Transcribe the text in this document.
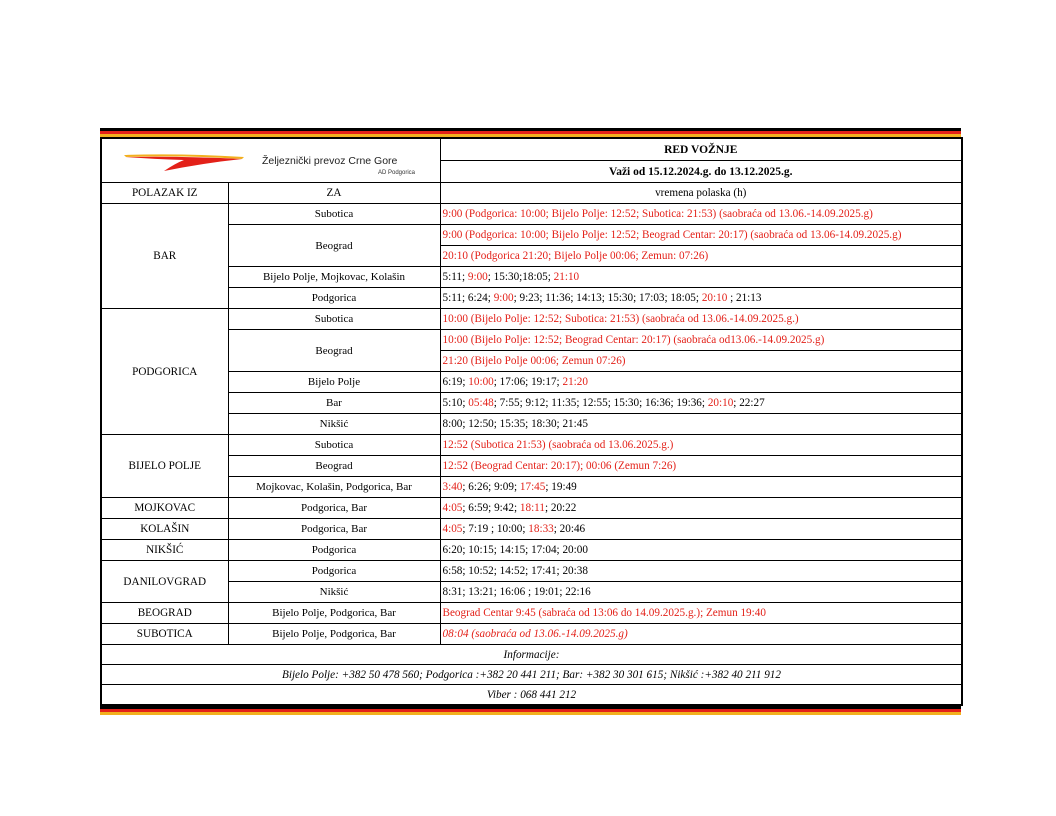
Željeznički prevoz Crne Gore
AD Podgorica		RED VOŽNJE
		Važi od 15.12.2024.g. do 13.12.2025.g.
POLAZAK IZ	ZA	vremena polaska (h)
BAR	Subotica	9:00 (Podgorica: 10:00; Bijelo Polje: 12:52; Subotica: 21:53) (saobraća od 13.06.-14.09.2025.g)
	Beograd	9:00 (Podgorica: 10:00; Bijelo Polje: 12:52; Beograd Centar: 20:17) (saobraća od 13.06-14.09.2025.g)
		20:10 (Podgorica 21:20; Bijelo Polje 00:06; Zemun: 07:26)
	Bijelo Polje, Mojkovac, Kolašin	5:11; 9:00; 15:30;18:05; 21:10
	Podgorica	5:11; 6:24; 9:00; 9:23; 11:36; 14:13; 15:30; 17:03; 18:05; 20:10 ; 21:13
PODGORICA	Subotica	10:00 (Bijelo Polje: 12:52; Subotica: 21:53) (saobraća od 13.06.-14.09.2025.g.)
	Beograd	10:00 (Bijelo Polje: 12:52; Beograd Centar: 20:17) (saobraća od13.06.-14.09.2025.g)
		21:20 (Bijelo Polje 00:06; Zemun 07:26)
	Bijelo Polje	6:19; 10:00; 17:06; 19:17; 21:20
	Bar	5:10; 05:48; 7:55; 9:12; 11:35; 12:55; 15:30; 16:36; 19:36; 20:10; 22:27
	Nikšić	8:00; 12:50; 15:35; 18:30; 21:45
BIJELO POLJE	Subotica	12:52 (Subotica 21:53) (saobraća od 13.06.2025.g.)
	Beograd	12:52 (Beograd Centar: 20:17); 00:06 (Zemun 7:26)
	Mojkovac, Kolašin, Podgorica, Bar	3:40; 6:26; 9:09; 17:45; 19:49
MOJKOVAC	Podgorica, Bar	4:05; 6:59; 9:42; 18:11; 20:22
KOLAŠIN	Podgorica, Bar	4:05; 7:19 ; 10:00; 18:33; 20:46
NIKŠIĆ	Podgorica	6:20; 10:15; 14:15; 17:04; 20:00
DANILOVGRAD	Podgorica	6:58; 10:52; 14:52; 17:41; 20:38
	Nikšić	8:31; 13:21; 16:06 ; 19:01; 22:16
BEOGRAD	Bijelo Polje, Podgorica, Bar	Beograd Centar 9:45 (sabraća od 13:06 do 14.09.2025.g.); Zemun 19:40
SUBOTICA	Bijelo Polje, Podgorica, Bar	08:04 (saobraća od 13.06.-14.09.2025.g)
Informacije:		
Bijelo Polje: +382 50 478 560; Podgorica :+382 20 441 211; Bar: +382 30 301 615; Nikšić :+382 40 211 912		
Viber : 068 441 212		
